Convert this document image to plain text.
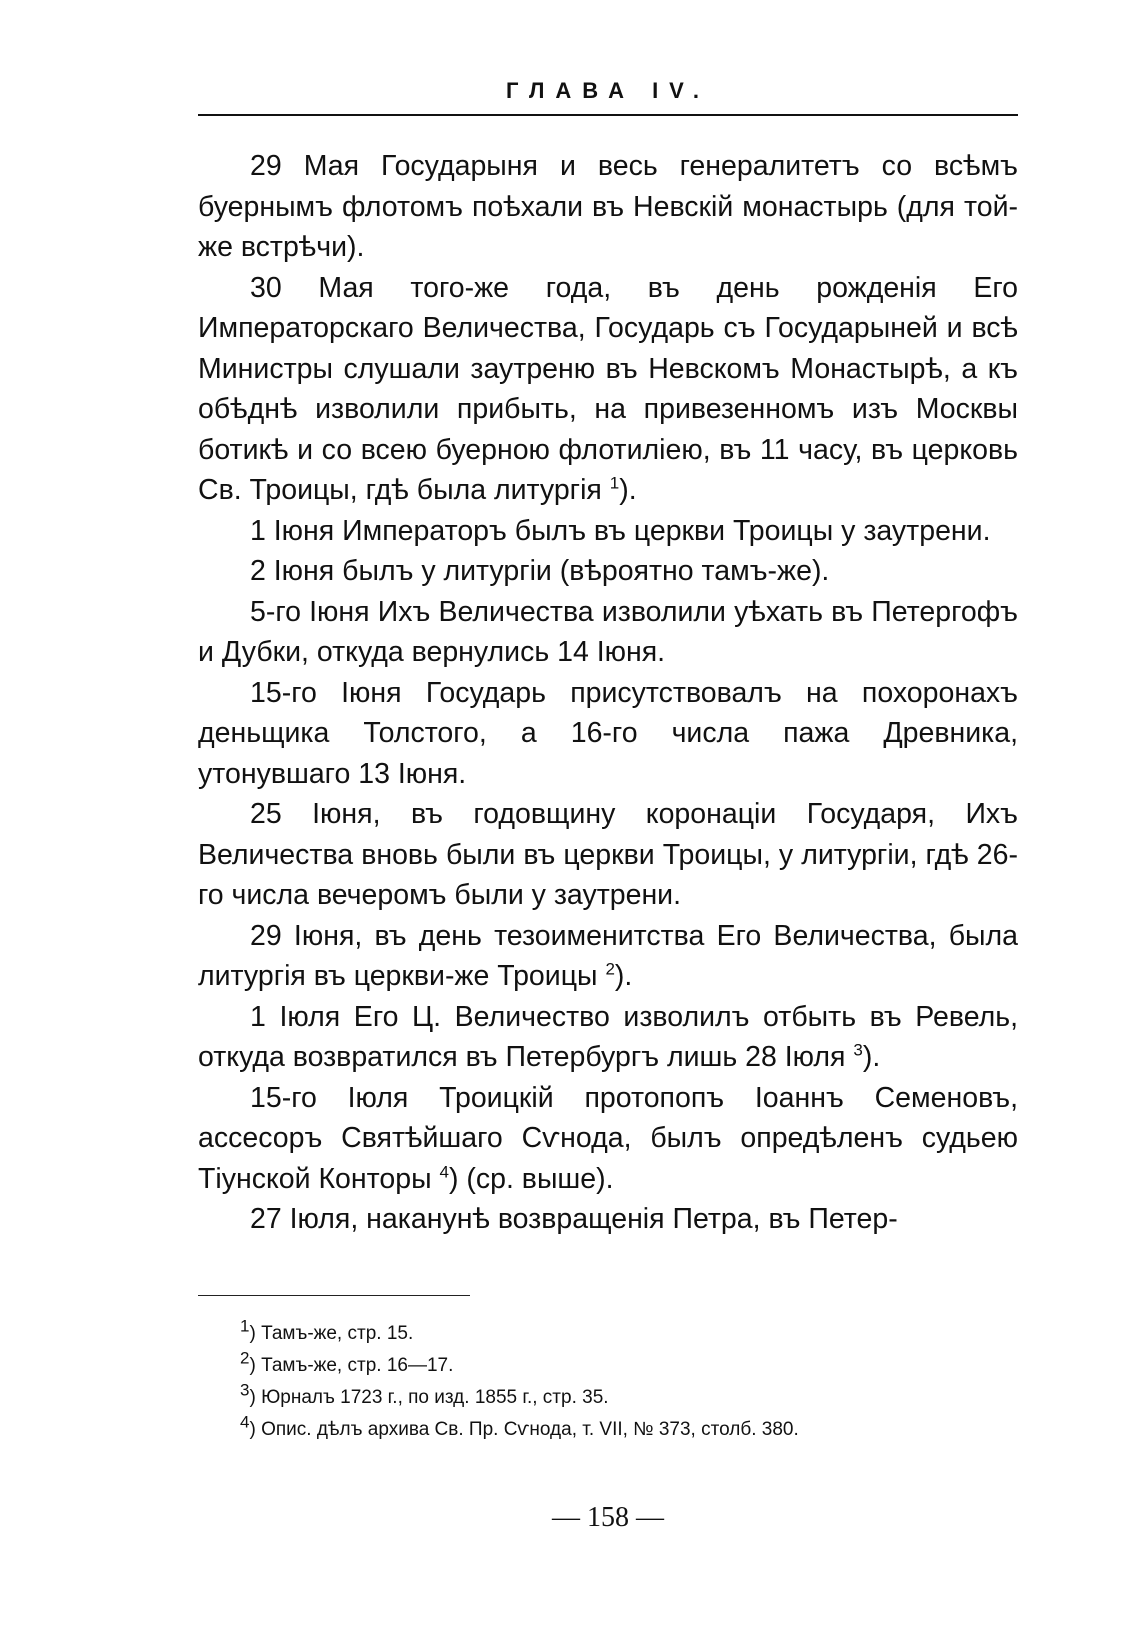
ГЛАВА IV.

29 Мая Государыня и весь генералитетъ со всѣмъ буернымъ флотомъ поѣхали въ Невскій монастырь (для той-же встрѣчи).

30 Мая того-же года, въ день рожденія Его Императорскаго Величества, Государь съ Государыней и всѣ Министры слушали заутреню въ Невскомъ Монастырѣ, а къ обѣднѣ изволили прибыть, на привезенномъ изъ Москвы ботикѣ и со всею буерною флотиліею, въ 11 часу, въ церковь Св. Троицы, гдѣ была литургія $^1$).

1 Іюня Императоръ былъ въ церкви Троицы у заутрени.

2 Іюня былъ у литургіи (вѣроятно тамъ-же).

5-го Іюня Ихъ Величества изволили уѣхать въ Петергофъ и Дубки, откуда вернулись 14 Іюня.

15-го Іюня Государь присутствовалъ на похоронахъ деньщика Толстого, а 16-го числа пажа Древника, утонувшаго 13 Іюня.

25 Іюня, въ годовщину коронаціи Государя, Ихъ Величества вновь были въ церкви Троицы, у литургіи, гдѣ 26-го числа вечеромъ были у заутрени.

29 Іюня, въ день тезоименитства Его Величества, была литургія въ церкви-же Троицы $^2$).

1 Іюля Его Ц. Величество изволилъ отбыть въ Ревель, откуда возвратился въ Петербургъ лишь 28 Іюля $^3$).

15-го Іюля Троицкій протопопъ Іоаннъ Семеновъ, ассесоръ Святѣйшаго Сѵнода, былъ опредѣленъ судьею Тіунской Конторы $^4$) (ср. выше).

27 Іюля, наканунѣ возвращенія Петра, въ Петер-

$^1$) Тамъ-же, стр. 15.
$^2$) Тамъ-же, стр. 16—17.
$^3$) Юрналъ 1723 г., по изд. 1855 г., стр. 35.
$^4$) Опис. дѣлъ архива Св. Пр. Сѵнода, т. VII, № 373, столб. 380.
— 158 —
